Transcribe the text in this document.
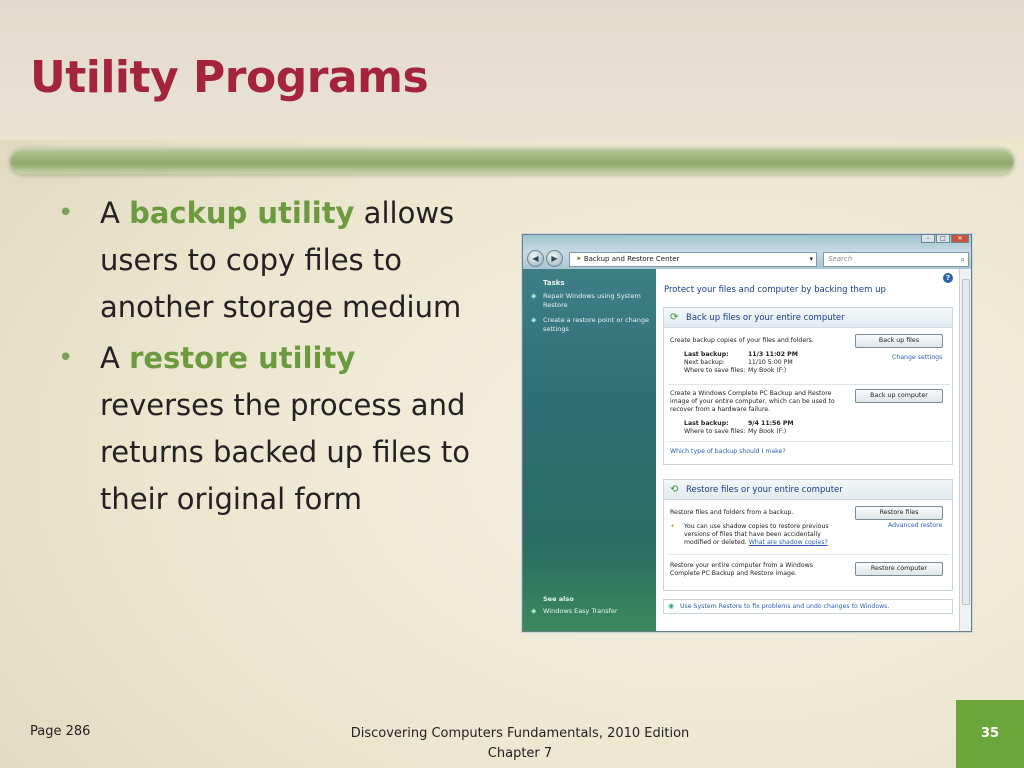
Utility Programs
• A backup utility allows users to copy files to another storage medium
• A restore utility reverses the process and returns backed up files to their original form
–	□	✕
◀	▶	⯈ Backup and Restore Center	▾	Search	⌕
Tasks
◈ Repair Windows using System Restore
◈ Create a restore point or change settings
See also
◈ Windows Easy Transfer
?
Protect your files and computer by backing them up
⟳ Back up files or your entire computer
Create backup copies of your files and folders.	Back up files
Last backup:	11/3 11:02 PM
Next backup:	11/10 5:00 PM
Where to save files: My Book (F:)
Change settings
Create a Windows Complete PC Backup and Restore
image of your entire computer, which can be used to
recover from a hardware failure.
Back up computer
Last backup:	9/4 11:56 PM
Where to save files: My Book (F:)
Which type of backup should I make?
⟲ Restore files or your entire computer
Restore files and folders from a backup.	Restore files
✦ You can use shadow copies to restore previous
versions of files that have been accidentally
modified or deleted. What are shadow copies?
Advanced restore
Restore your entire computer from a Windows
Complete PC Backup and Restore image.
Restore computer
◉ Use System Restore to fix problems and undo changes to Windows.
Page 286	Discovering Computers Fundamentals, 2010 Edition
Chapter 7
35
